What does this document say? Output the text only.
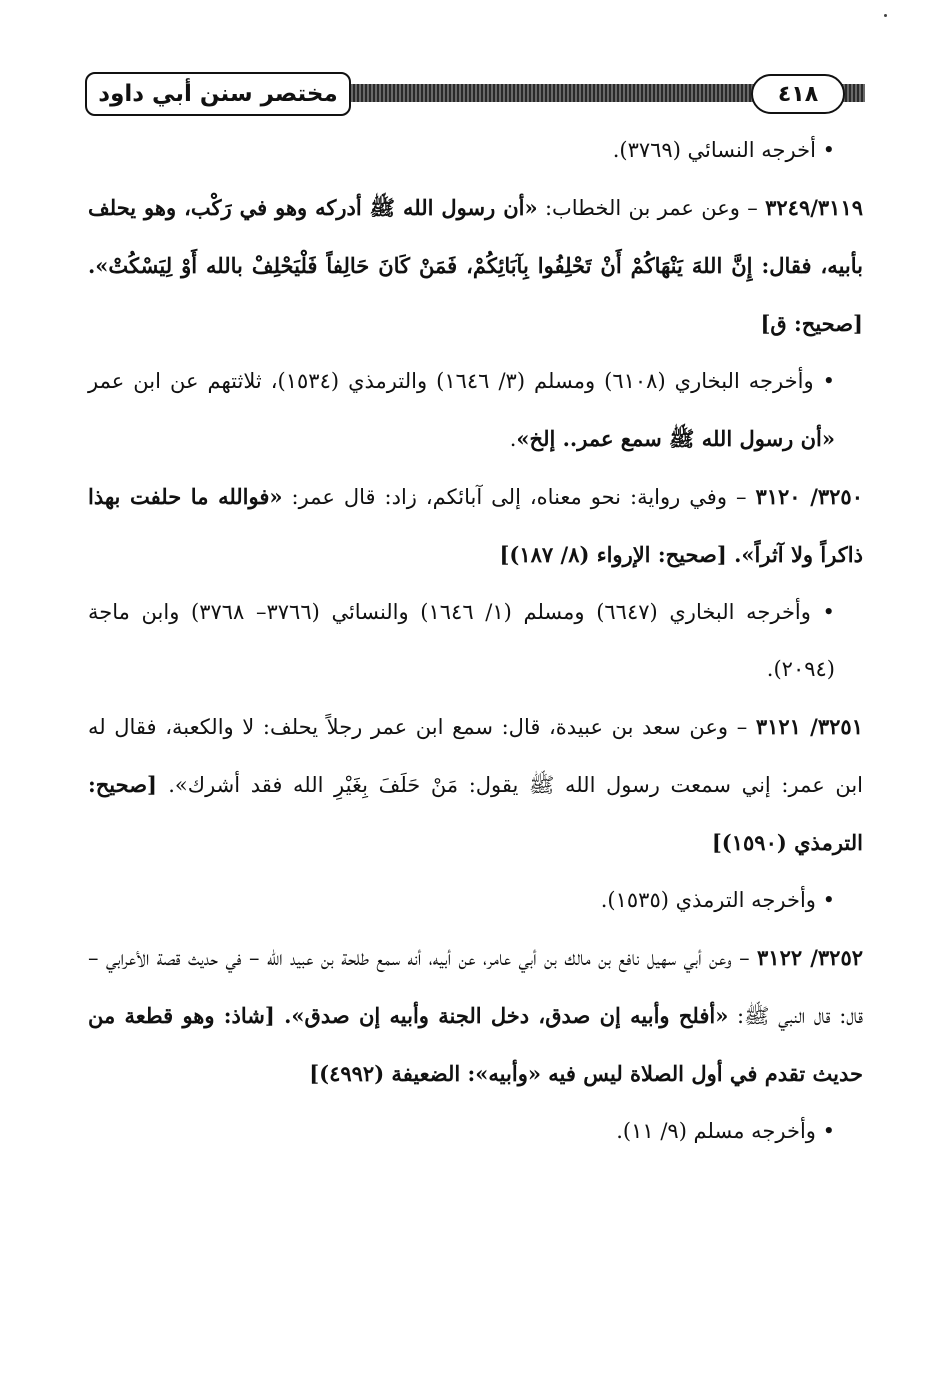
مختصر سنن أبي داود	٤١٨

• أخرجه النسائي (٣٧٦٩).

٣٢٤٩/٣١١٩ – وعن عمر بن الخطاب: «أن رسول الله ﷺ أدركه وهو في رَكْب، وهو يحلف بأبيه، فقال: إِنَّ اللهَ يَنْهَاكُمْ أَنْ تَحْلِفُوا بِآبَائِكُمْ، فَمَنْ كَانَ حَالِفاً فَلْيَحْلِفْ بالله أَوْ لِيَسْكُتْ». [صحيح: ق]

• وأخرجه البخاري (٦١٠٨) ومسلم (٣/ ١٦٤٦) والترمذي (١٥٣٤)، ثلاثتهم عن ابن عمر «أن رسول الله ﷺ سمع عمر.. إلخ».

٣٢٥٠/ ٣١٢٠ – وفي رواية: نحو معناه، إلى آبائكم، زاد: قال عمر: «فوالله ما حلفت بهذا ذاكراً ولا آثراً». [صحيح: الإرواء (٨/ ١٨٧)]

• وأخرجه البخاري (٦٦٤٧) ومسلم (١/ ١٦٤٦) والنسائي (٣٧٦٦– ٣٧٦٨) وابن ماجة (٢٠٩٤).

٣٢٥١/ ٣١٢١ – وعن سعد بن عبيدة، قال: سمع ابن عمر رجلاً يحلف: لا والكعبة، فقال له ابن عمر: إني سمعت رسول الله ﷺ يقول: مَنْ حَلَفَ بِغَيْرِ الله فقد أشرك». [صحيح: الترمذي (١٥٩٠)]

• وأخرجه الترمذي (١٥٣٥).

٣٢٥٢/ ٣١٢٢ – وعن أبي سهيل نافع بن مالك بن أبي عامر، عن أبيه، أنه سمع طلحة بن عبيد الله – في حديث قصة الأعرابي – قال: قال النبي ﷺ: «أفلح وأبيه إن صدق، دخل الجنة وأبيه إن صدق». [شاذ: وهو قطعة من حديث تقدم في أول الصلاة ليس فيه «وأبيه»: الضعيفة (٤٩٩٢)]

• وأخرجه مسلم (٩/ ١١).
